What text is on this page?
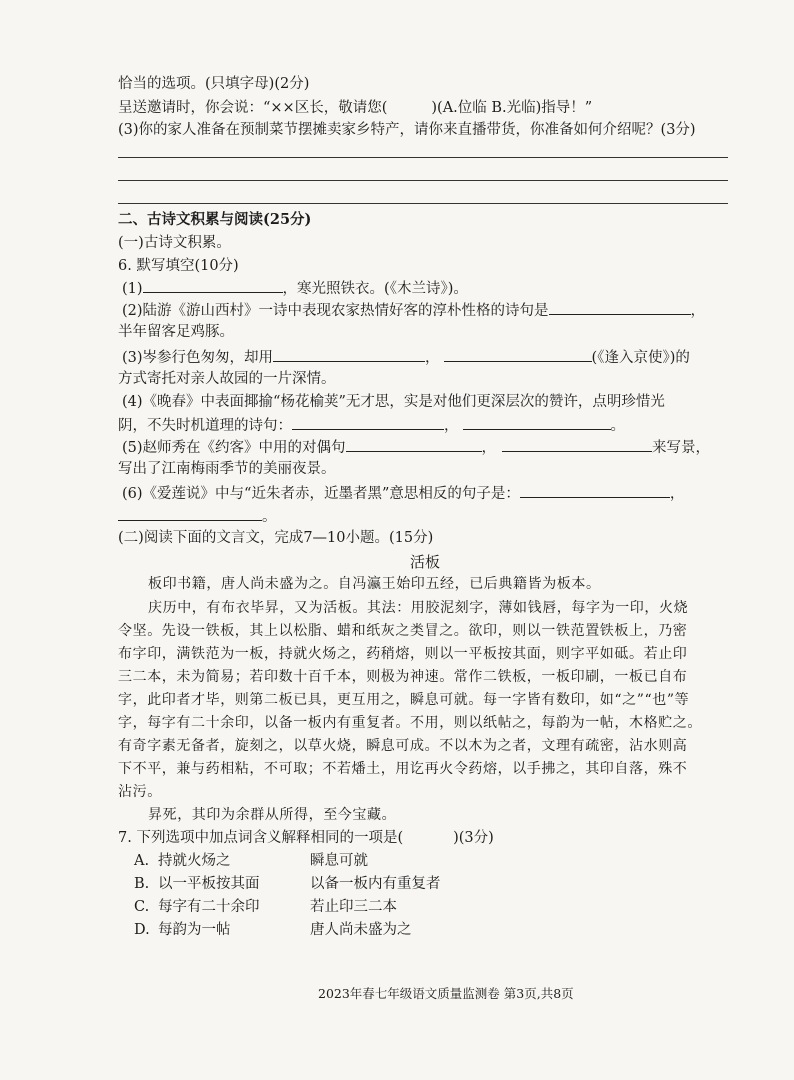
恰当的选项。(只填字母)(2分)
呈送邀请时，你会说：“××区长，敬请您(	)(A.位临 B.光临)指导！”
(3)你的家人准备在预制菜节摆摊卖家乡特产，请你来直播带货，你准备如何介绍呢？(3分)
二、古诗文积累与阅读(25分)
(一)古诗文积累。
6. 默写填空(10分)
(1)	，寒光照铁衣。(《木兰诗》)。
(2)陆游《游山西村》一诗中表现农家热情好客的淳朴性格的诗句是	，
半年留客足鸡豚。
(3)岑参行色匆匆，却用	，	(《逢入京使》)的
方式寄托对亲人故园的一片深情。
(4)《晚春》中表面揶揄“杨花榆荚”无才思，实是对他们更深层次的赞许，点明珍惜光
阴，不失时机道理的诗句：	，	。
(5)赵师秀在《约客》中用的对偶句	，	来写景，
写出了江南梅雨季节的美丽夜景。
(6)《爱莲说》中与“近朱者赤，近墨者黑”意思相反的句子是：	，
。
(二)阅读下面的文言文，完成7—10小题。(15分)
活板
板印书籍，唐人尚未盛为之。自冯瀛王始印五经，已后典籍皆为板本。
庆历中，有布衣毕昇，又为活板。其法：用胶泥刻字，薄如钱唇，每字为一印，火烧
令坚。先设一铁板，其上以松脂、蜡和纸灰之类冒之。欲印，则以一铁范置铁板上，乃密
布字印，满铁范为一板，持就火炀之，药稍熔，则以一平板按其面，则字平如砥。若止印
三二本，未为简易；若印数十百千本，则极为神速。常作二铁板，一板印刷，一板已自布
字，此印者才毕，则第二板已具，更互用之，瞬息可就。每一字皆有数印，如“之”“也”等
字，每字有二十余印，以备一板内有重复者。不用，则以纸帖之，每韵为一帖，木格贮之。
有奇字素无备者，旋刻之，以草火烧，瞬息可成。不以木为之者，文理有疏密，沾水则高
下不平，兼与药相粘，不可取；不若燔土，用讫再火令药熔，以手拂之，其印自落，殊不
沾污。
昇死，其印为余群从所得，至今宝藏。
7. 下列选项中加点词含义解释相同的一项是(	)(3分)
A. 持就火炀之	瞬息可就
B. 以一平板按其面	以备一板内有重复者
C. 每字有二十余印	若止印三二本
D. 每韵为一帖	唐人尚未盛为之
2023年春七年级语文质量监测卷 第3页,共8页
